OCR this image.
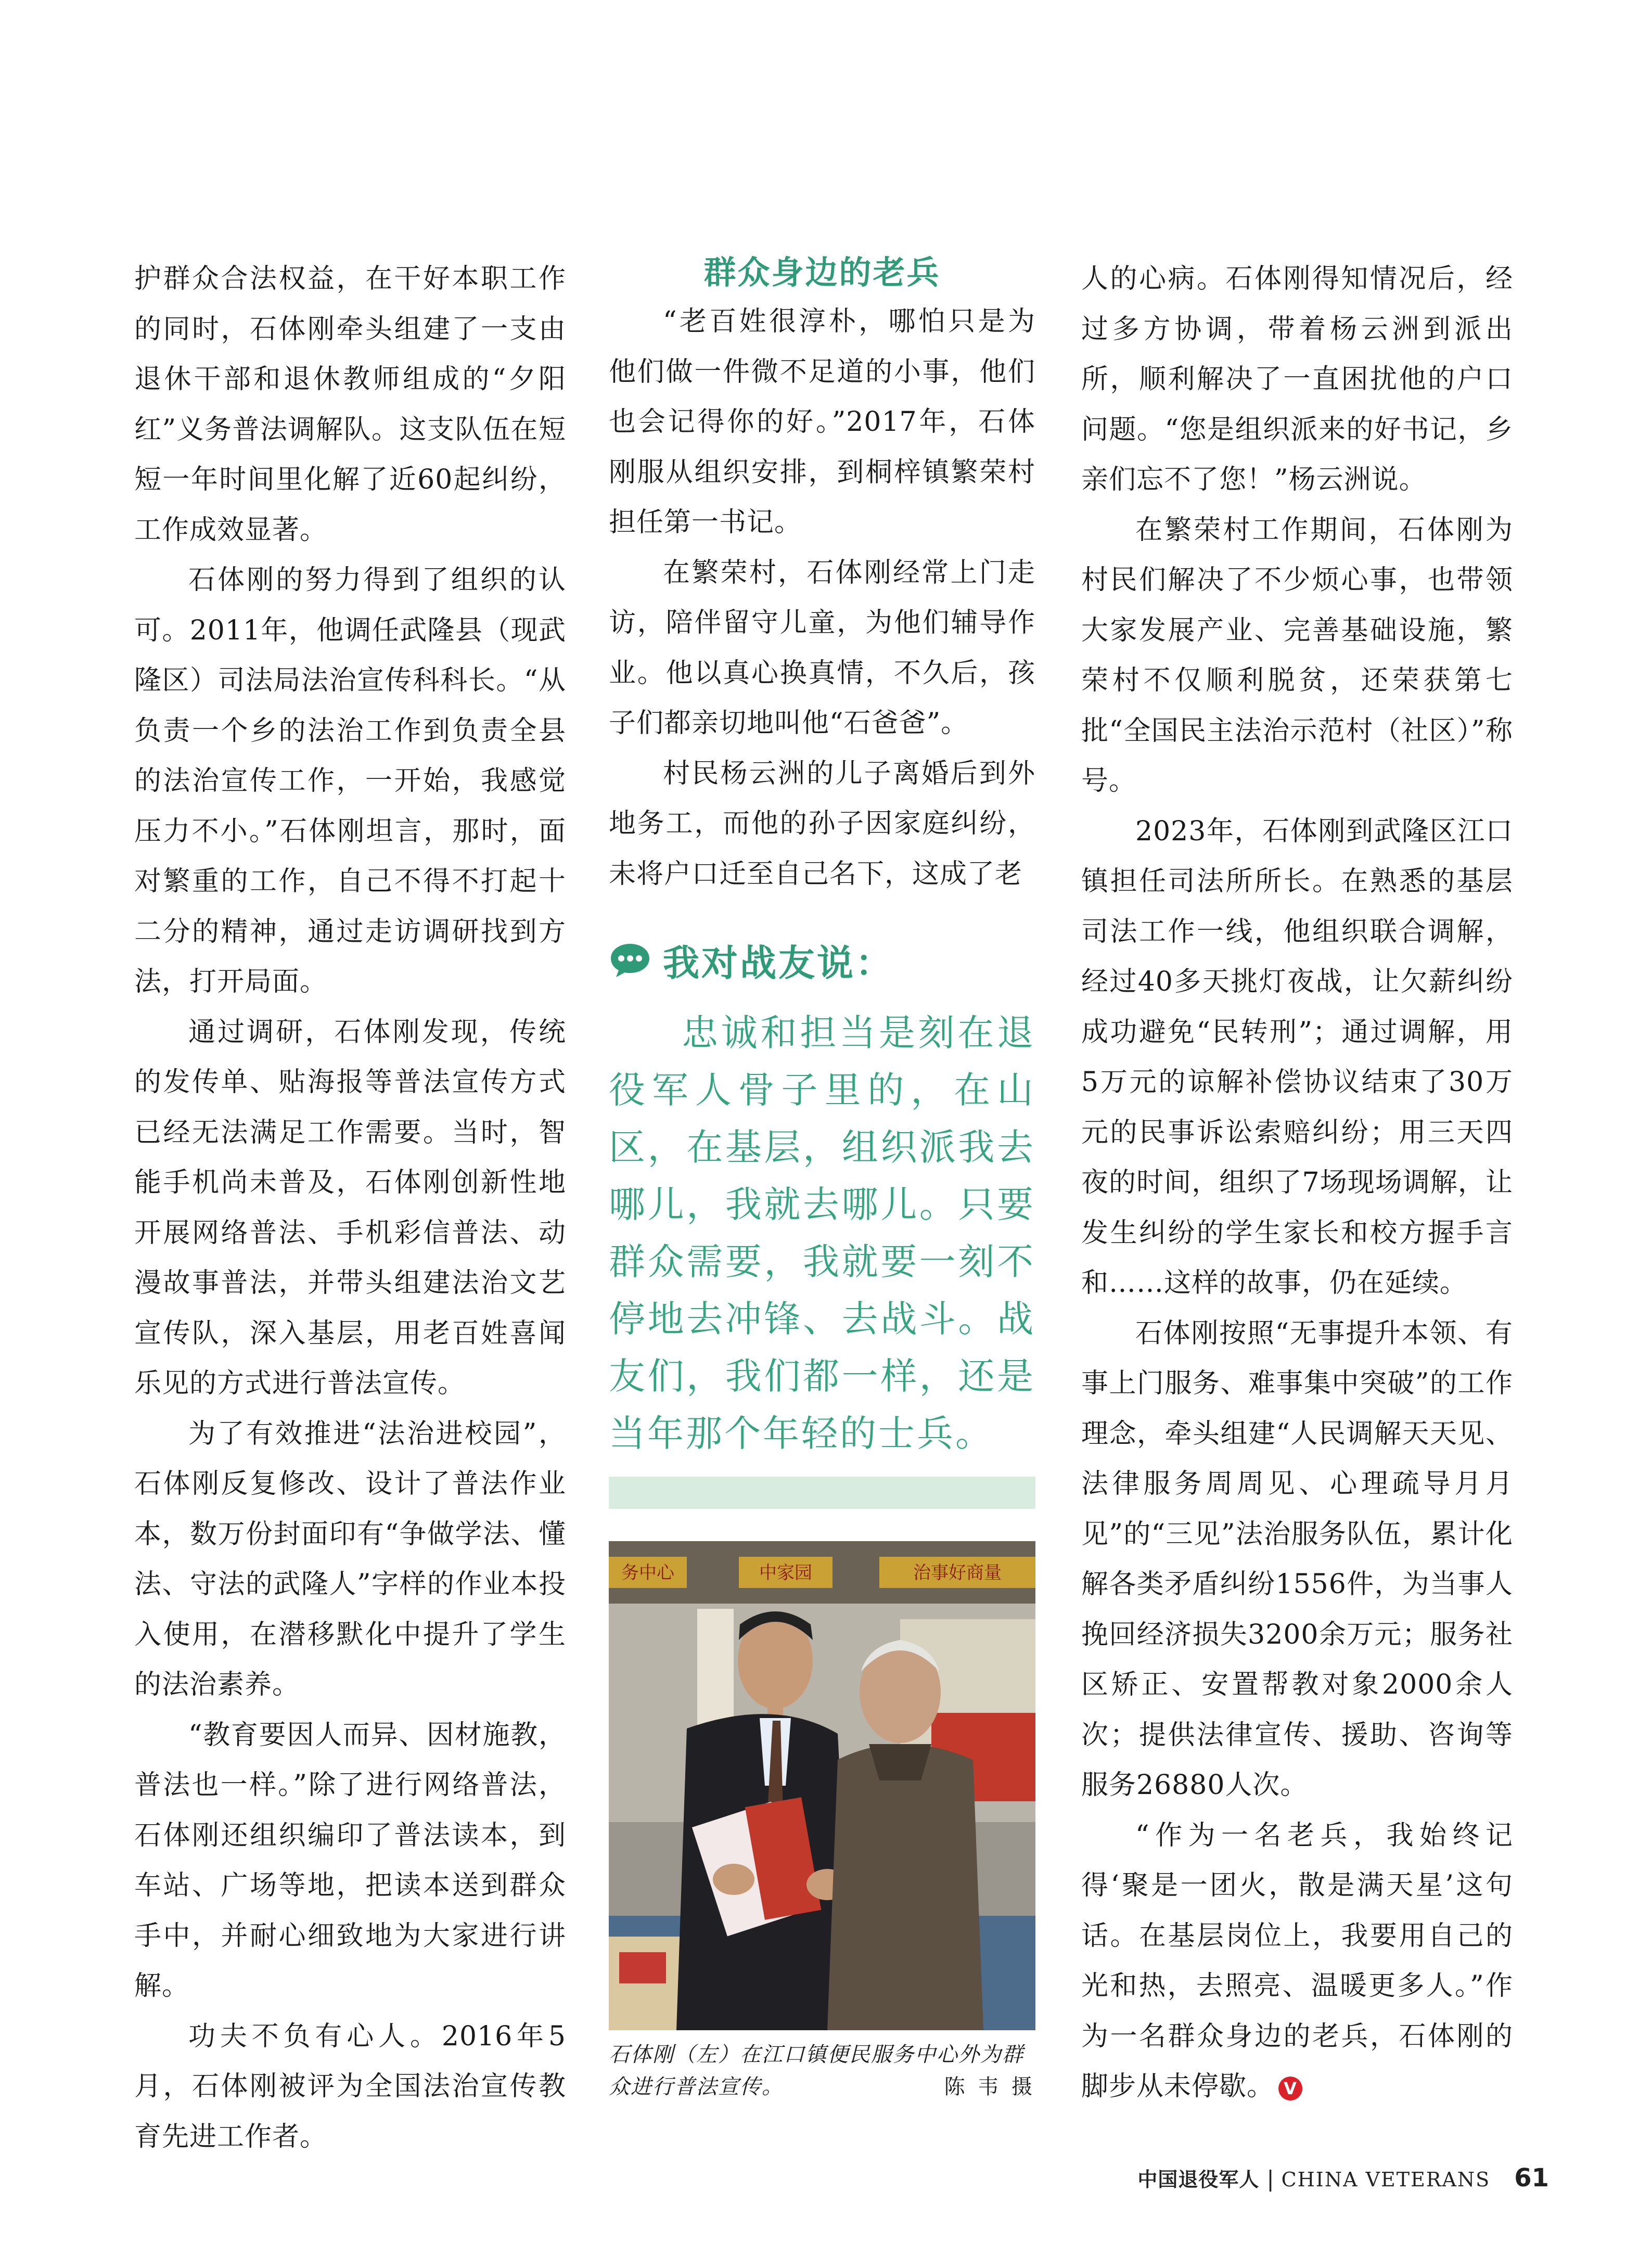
护群众合法权益，在干好本职工作的同时，石体刚牵头组建了一支由退休干部和退休教师组成的“夕阳红”义务普法调解队。这支队伍在短短一年时间里化解了近60起纠纷，工作成效显著。

石体刚的努力得到了组织的认可。2011年，他调任武隆县（现武隆区）司法局法治宣传科科长。“从负责一个乡的法治工作到负责全县的法治宣传工作，一开始，我感觉压力不小。”石体刚坦言，那时，面对繁重的工作，自己不得不打起十二分的精神，通过走访调研找到方法，打开局面。

通过调研，石体刚发现，传统的发传单、贴海报等普法宣传方式已经无法满足工作需要。当时，智能手机尚未普及，石体刚创新性地开展网络普法、手机彩信普法、动漫故事普法，并带头组建法治文艺宣传队，深入基层，用老百姓喜闻乐见的方式进行普法宣传。

为了有效推进“法治进校园”，石体刚反复修改、设计了普法作业本，数万份封面印有“争做学法、懂法、守法的武隆人”字样的作业本投入使用，在潜移默化中提升了学生的法治素养。

“教育要因人而异、因材施教，普法也一样。”除了进行网络普法，石体刚还组织编印了普法读本，到车站、广场等地，把读本送到群众手中，并耐心细致地为大家进行讲解。

功夫不负有心人。2016年5月，石体刚被评为全国法治宣传教育先进工作者。

群众身边的老兵

“老百姓很淳朴，哪怕只是为他们做一件微不足道的小事，他们也会记得你的好。”2017年，石体刚服从组织安排，到桐梓镇繁荣村担任第一书记。

在繁荣村，石体刚经常上门走访，陪伴留守儿童，为他们辅导作业。他以真心换真情，不久后，孩子们都亲切地叫他“石爸爸”。

村民杨云洲的儿子离婚后到外地务工，而他的孙子因家庭纠纷，未将户口迁至自己名下，这成了老

我对战友说：

忠诚和担当是刻在退役军人骨子里的，在山区，在基层，组织派我去哪儿，我就去哪儿。只要群众需要，我就要一刻不停地去冲锋、去战斗。战友们，我们都一样，还是当年那个年轻的士兵。

务中心	中家园	治事好商量
石体刚（左）在江口镇便民服务中心外为群众进行普法宣传。	陈 韦 摄

人的心病。石体刚得知情况后，经过多方协调，带着杨云洲到派出所，顺利解决了一直困扰他的户口问题。“您是组织派来的好书记，乡亲们忘不了您！”杨云洲说。

在繁荣村工作期间，石体刚为村民们解决了不少烦心事，也带领大家发展产业、完善基础设施，繁荣村不仅顺利脱贫，还荣获第七批“全国民主法治示范村（社区）”称号。

2023年，石体刚到武隆区江口镇担任司法所所长。在熟悉的基层司法工作一线，他组织联合调解，经过40多天挑灯夜战，让欠薪纠纷成功避免“民转刑”；通过调解，用5万元的谅解补偿协议结束了30万元的民事诉讼索赔纠纷；用三天四夜的时间，组织了7场现场调解，让发生纠纷的学生家长和校方握手言和……这样的故事，仍在延续。

石体刚按照“无事提升本领、有事上门服务、难事集中突破”的工作理念，牵头组建“人民调解天天见、法律服务周周见、心理疏导月月见”的“三见”法治服务队伍，累计化解各类矛盾纠纷1556件，为当事人挽回经济损失3200余万元；服务社区矫正、安置帮教对象2000余人次；提供法律宣传、援助、咨询等服务26880人次。

“作为一名老兵，我始终记得‘聚是一团火，散是满天星’这句话。在基层岗位上，我要用自己的光和热，去照亮、温暖更多人。”作为一名群众身边的老兵，石体刚的脚步从未停歇。 V

中国退役军人 | CHINA VETERANS 61
